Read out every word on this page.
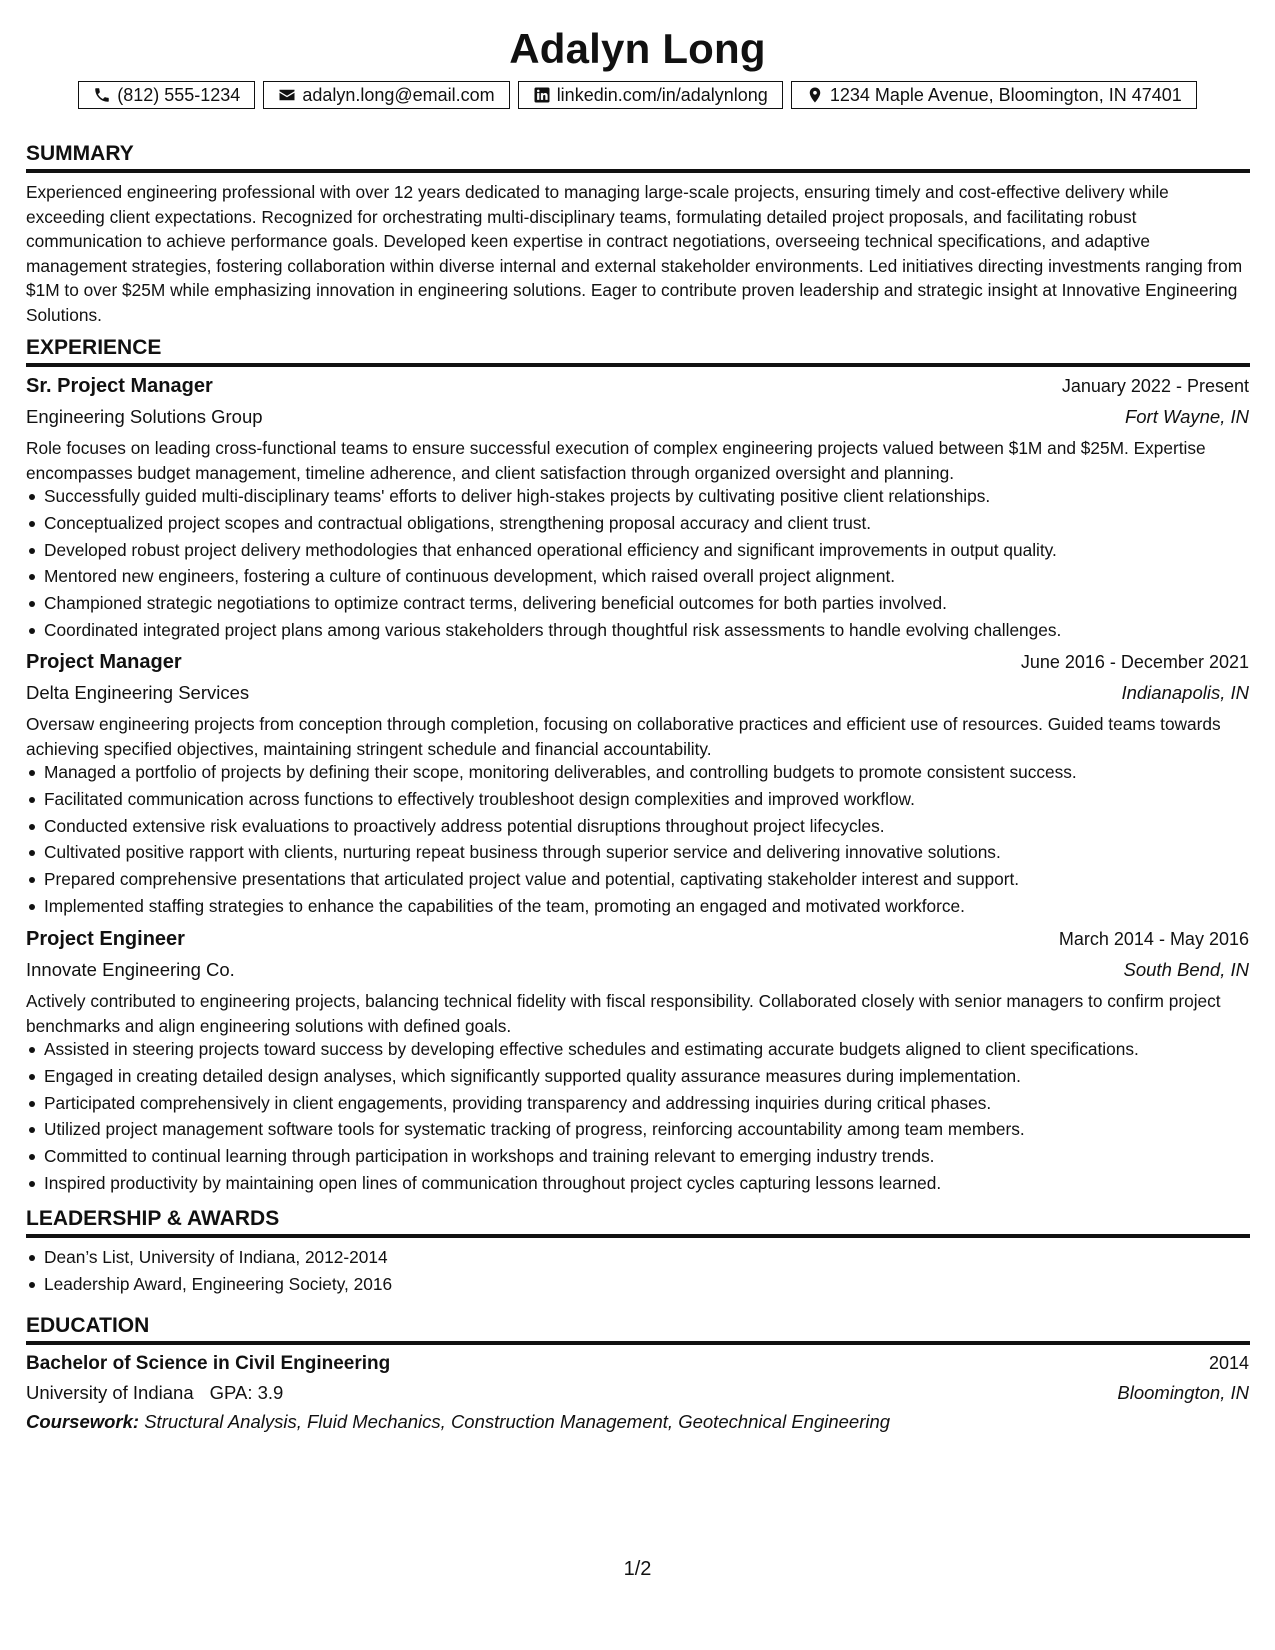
Adalyn Long
(812) 555-1234	adalyn.long@email.com	linkedin.com/in/adalynlong	1234 Maple Avenue, Bloomington, IN 47401
SUMMARY
Experienced engineering professional with over 12 years dedicated to managing large-scale projects, ensuring timely and cost-effective delivery while exceeding client expectations. Recognized for orchestrating multi-disciplinary teams, formulating detailed project proposals, and facilitating robust communication to achieve performance goals. Developed keen expertise in contract negotiations, overseeing technical specifications, and adaptive management strategies, fostering collaboration within diverse internal and external stakeholder environments. Led initiatives directing investments ranging from $1M to over $25M while emphasizing innovation in engineering solutions. Eager to contribute proven leadership and strategic insight at Innovative Engineering Solutions.
EXPERIENCE
Sr. Project Manager	January 2022 - Present
Engineering Solutions Group	Fort Wayne, IN
Role focuses on leading cross-functional teams to ensure successful execution of complex engineering projects valued between $1M and $25M. Expertise encompasses budget management, timeline adherence, and client satisfaction through organized oversight and planning.
Successfully guided multi-disciplinary teams' efforts to deliver high-stakes projects by cultivating positive client relationships.
Conceptualized project scopes and contractual obligations, strengthening proposal accuracy and client trust.
Developed robust project delivery methodologies that enhanced operational efficiency and significant improvements in output quality.
Mentored new engineers, fostering a culture of continuous development, which raised overall project alignment.
Championed strategic negotiations to optimize contract terms, delivering beneficial outcomes for both parties involved.
Coordinated integrated project plans among various stakeholders through thoughtful risk assessments to handle evolving challenges.
Project Manager	June 2016 - December 2021
Delta Engineering Services	Indianapolis, IN
Oversaw engineering projects from conception through completion, focusing on collaborative practices and efficient use of resources. Guided teams towards achieving specified objectives, maintaining stringent schedule and financial accountability.
Managed a portfolio of projects by defining their scope, monitoring deliverables, and controlling budgets to promote consistent success.
Facilitated communication across functions to effectively troubleshoot design complexities and improved workflow.
Conducted extensive risk evaluations to proactively address potential disruptions throughout project lifecycles.
Cultivated positive rapport with clients, nurturing repeat business through superior service and delivering innovative solutions.
Prepared comprehensive presentations that articulated project value and potential, captivating stakeholder interest and support.
Implemented staffing strategies to enhance the capabilities of the team, promoting an engaged and motivated workforce.
Project Engineer	March 2014 - May 2016
Innovate Engineering Co.	South Bend, IN
Actively contributed to engineering projects, balancing technical fidelity with fiscal responsibility. Collaborated closely with senior managers to confirm project benchmarks and align engineering solutions with defined goals.
Assisted in steering projects toward success by developing effective schedules and estimating accurate budgets aligned to client specifications.
Engaged in creating detailed design analyses, which significantly supported quality assurance measures during implementation.
Participated comprehensively in client engagements, providing transparency and addressing inquiries during critical phases.
Utilized project management software tools for systematic tracking of progress, reinforcing accountability among team members.
Committed to continual learning through participation in workshops and training relevant to emerging industry trends.
Inspired productivity by maintaining open lines of communication throughout project cycles capturing lessons learned.
LEADERSHIP & AWARDS
Dean’s List, University of Indiana, 2012-2014
Leadership Award, Engineering Society, 2016
EDUCATION
Bachelor of Science in Civil Engineering	2014
University of Indiana GPA: 3.9	Bloomington, IN
Coursework: Structural Analysis, Fluid Mechanics, Construction Management, Geotechnical Engineering
1/2
